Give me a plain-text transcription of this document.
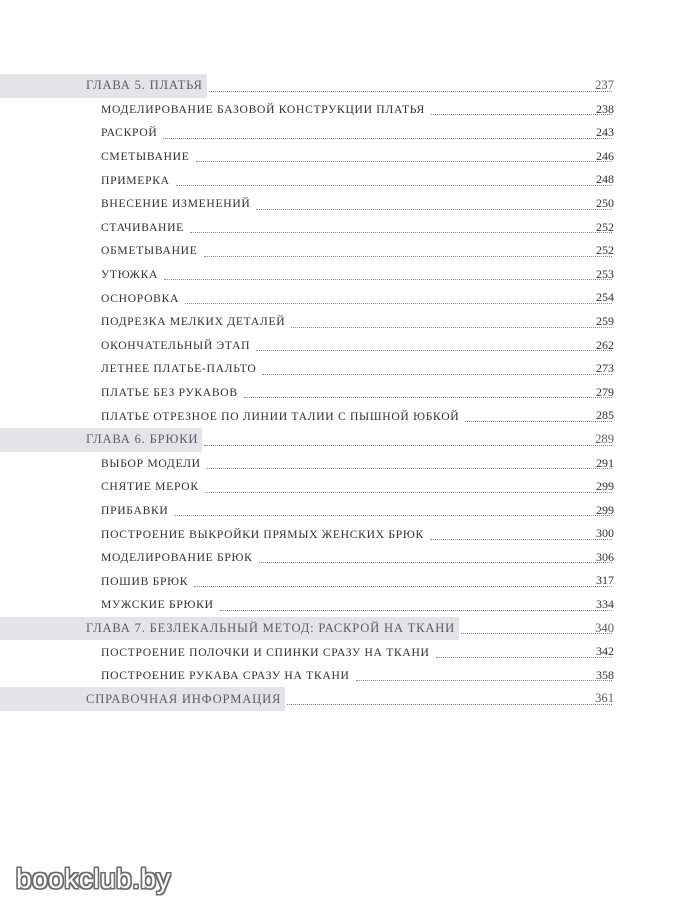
ГЛАВА 5. ПЛАТЬЯ	237
МОДЕЛИРОВАНИЕ БАЗОВОЙ КОНСТРУКЦИИ ПЛАТЬЯ	238
РАСКРОЙ	243
СМЕТЫВАНИЕ	246
ПРИМЕРКА	248
ВНЕСЕНИЕ ИЗМЕНЕНИЙ	250
СТАЧИВАНИЕ	252
ОБМЕТЫВАНИЕ	252
УТЮЖКА	253
ОСНОРОВКА	254
ПОДРЕЗКА МЕЛКИХ ДЕТАЛЕЙ	259
ОКОНЧАТЕЛЬНЫЙ ЭТАП	262
ЛЕТНЕЕ ПЛАТЬЕ-ПАЛЬТО	273
ПЛАТЬЕ БЕЗ РУКАВОВ	279
ПЛАТЬЕ ОТРЕЗНОЕ ПО ЛИНИИ ТАЛИИ С ПЫШНОЙ ЮБКОЙ	285
ГЛАВА 6. БРЮКИ	289
ВЫБОР МОДЕЛИ	291
СНЯТИЕ МЕРОК	299
ПРИБАВКИ	299
ПОСТРОЕНИЕ ВЫКРОЙКИ ПРЯМЫХ ЖЕНСКИХ БРЮК	300
МОДЕЛИРОВАНИЕ БРЮК	306
ПОШИВ БРЮК	317
МУЖСКИЕ БРЮКИ	334
ГЛАВА 7. БЕЗЛЕКАЛЬНЫЙ МЕТОД: РАСКРОЙ НА ТКАНИ	340
ПОСТРОЕНИЕ ПОЛОЧКИ И СПИНКИ СРАЗУ НА ТКАНИ	342
ПОСТРОЕНИЕ РУКАВА СРАЗУ НА ТКАНИ	358
СПРАВОЧНАЯ ИНФОРМАЦИЯ	361
bookclub.by
